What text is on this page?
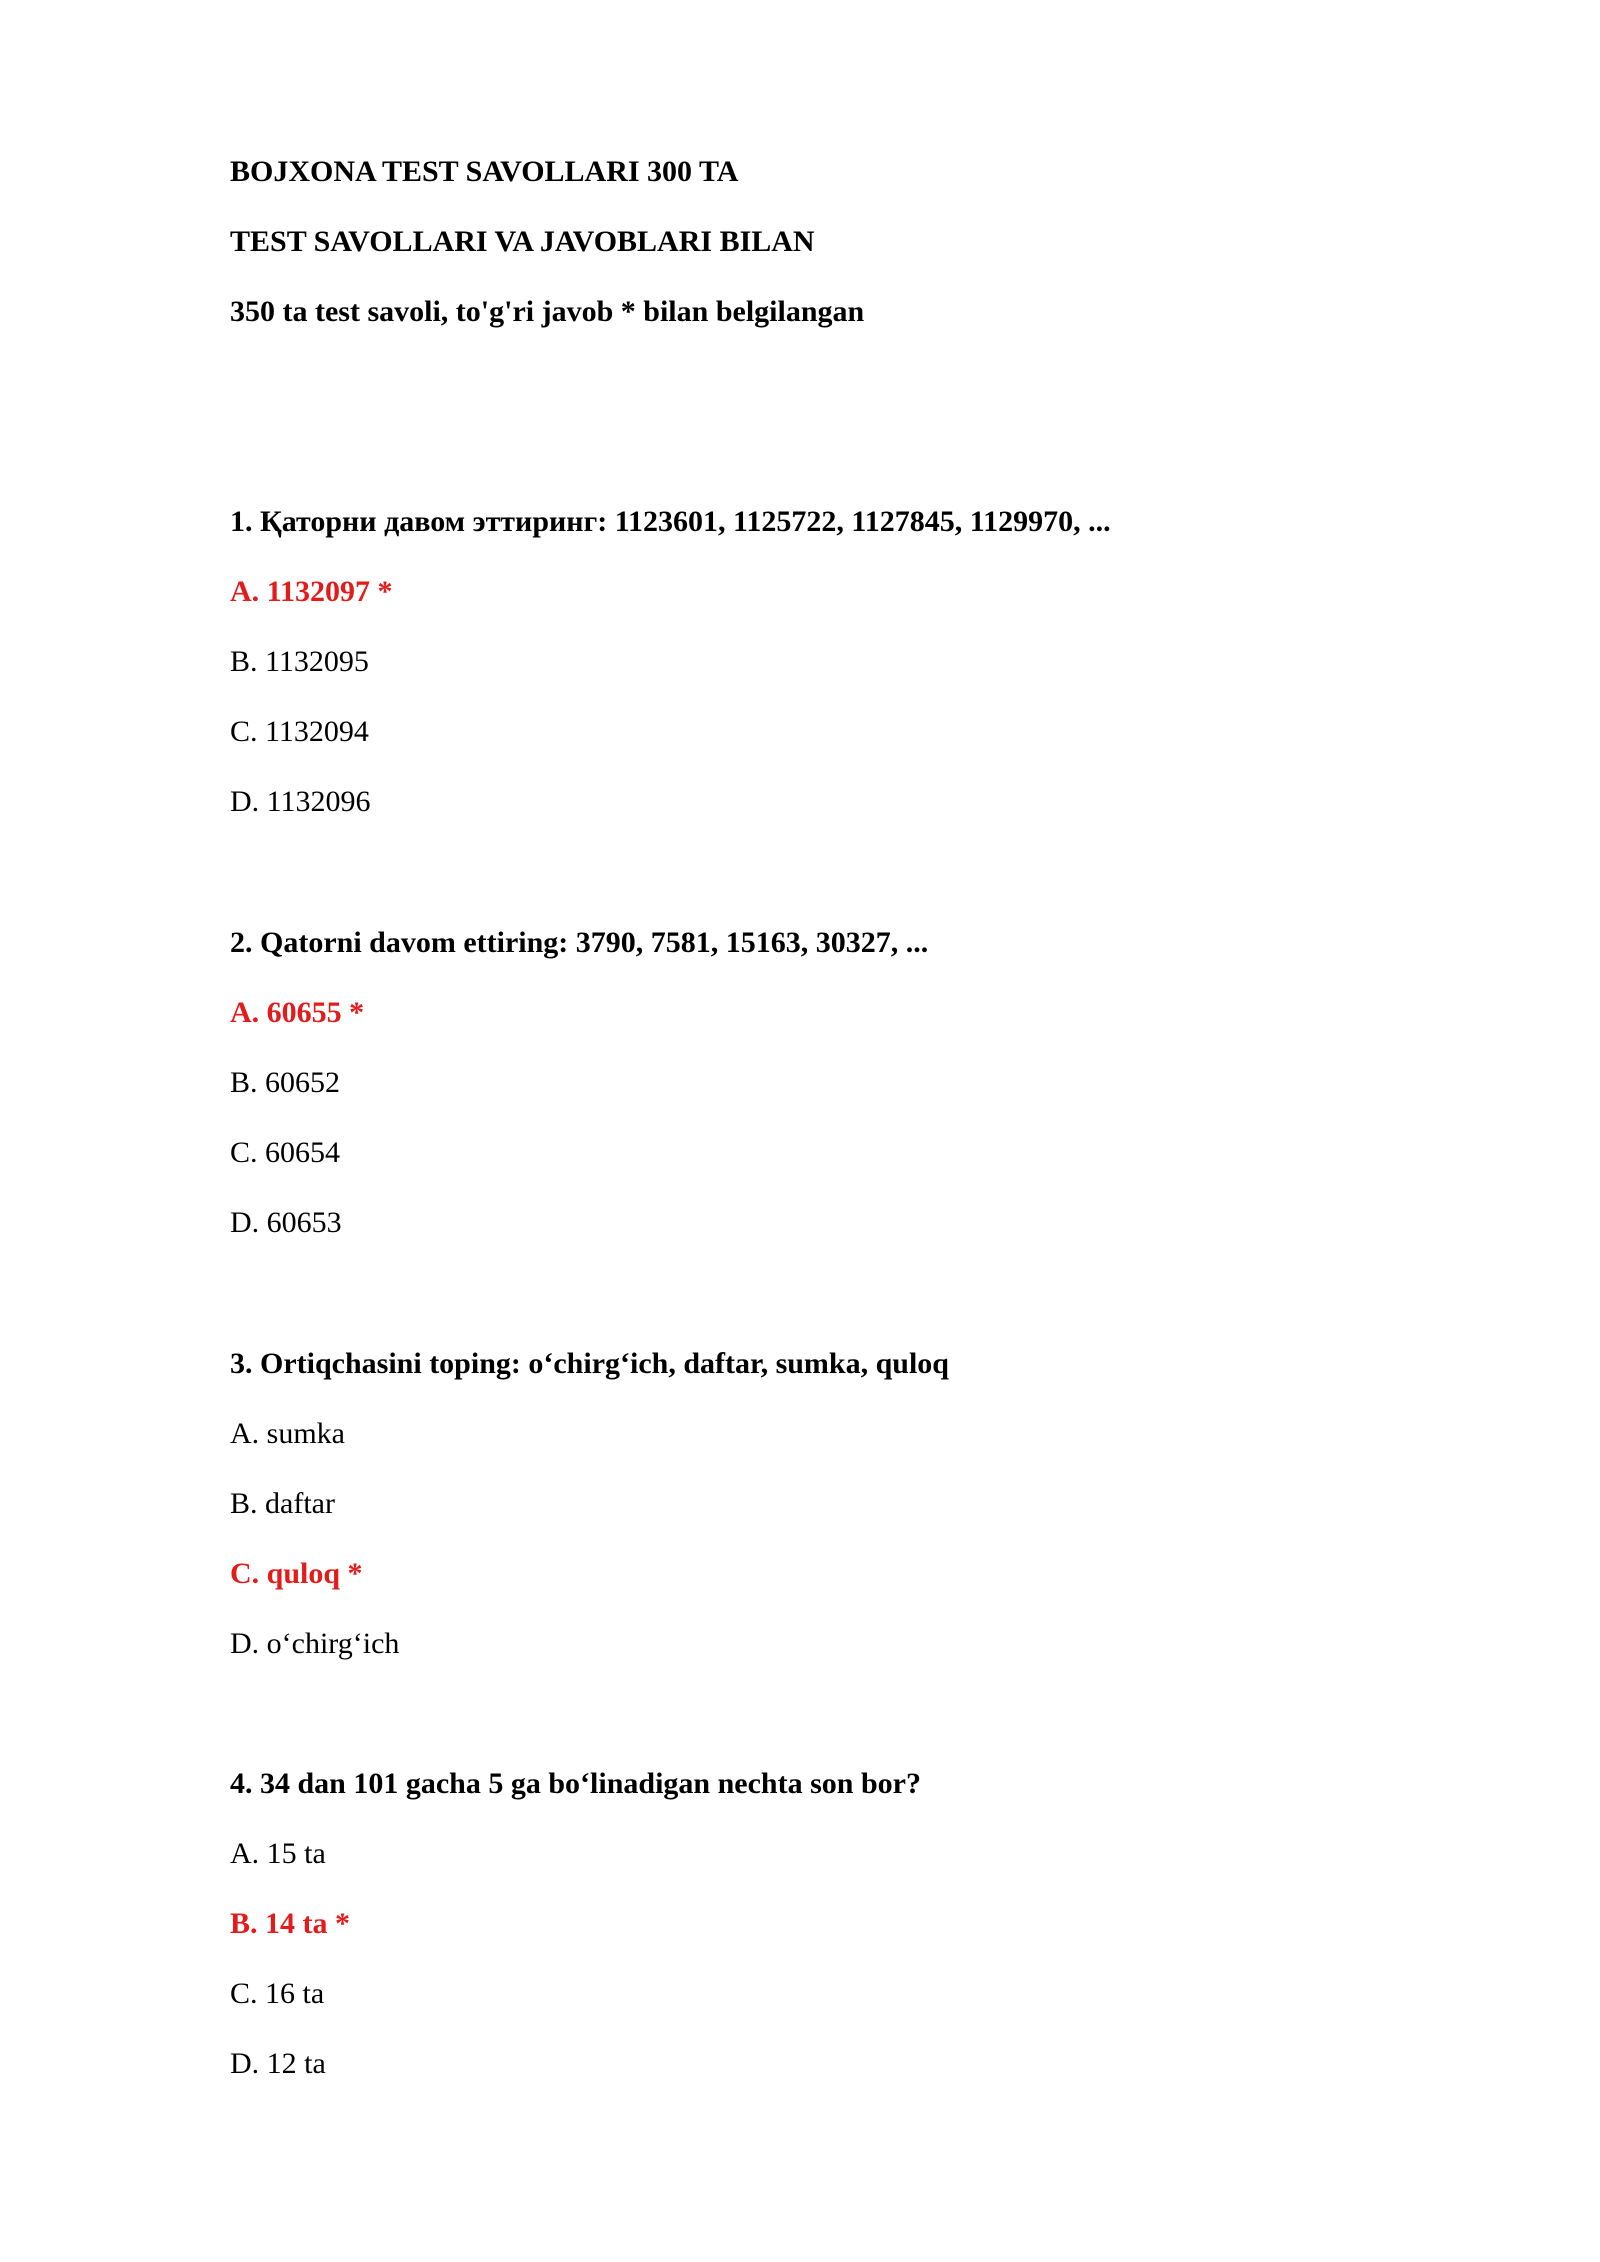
BOJXONA TEST SAVOLLARI 300 TA

TEST SAVOLLARI VA JAVOBLARI BILAN

350 ta test savoli, to'g'ri javob * bilan belgilangan

1. Қаторни давом эттиринг: 1123601, 1125722, 1127845, 1129970, ...

A. 1132097 *

B. 1132095

C. 1132094

D. 1132096

2. Qatorni davom ettiring: 3790, 7581, 15163, 30327, ...

A. 60655 *

B. 60652

C. 60654

D. 60653

3. Ortiqchasini toping: o‘chirg‘ich, daftar, sumka, quloq

A. sumka

B. daftar

C. quloq *

D. o‘chirg‘ich

4. 34 dan 101 gacha 5 ga bo‘linadigan nechta son bor?

A. 15 ta

B. 14 ta *

C. 16 ta

D. 12 ta
